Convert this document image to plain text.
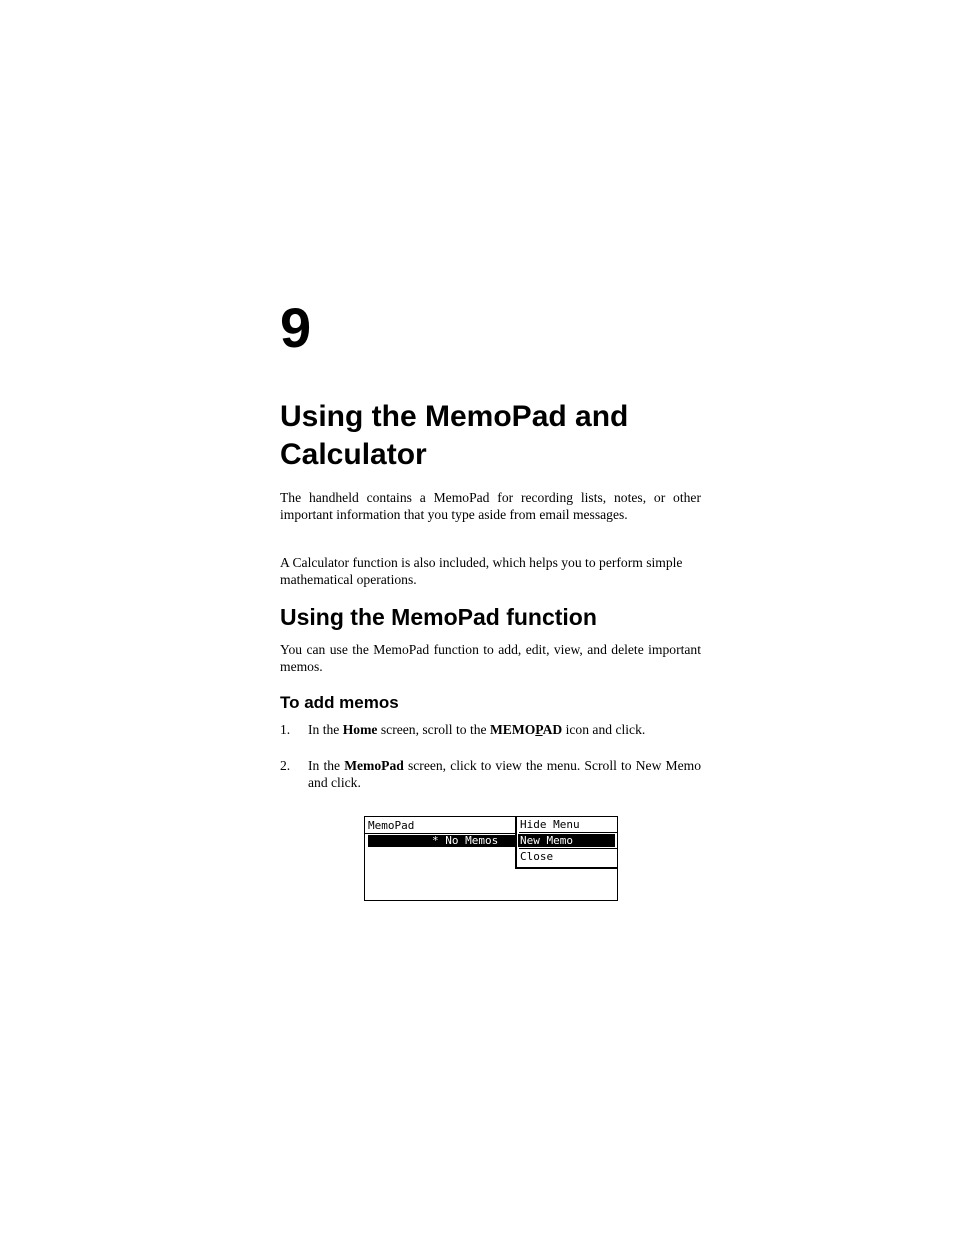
9
Using the MemoPad and
Calculator

The handheld contains a MemoPad for recording lists, notes, or other important information that you type aside from email messages.

A Calculator function is also included, which helps you to perform simple mathematical operations.

Using the MemoPad function

You can use the MemoPad function to add, edit, view, and delete important memos.

To add memos
1. In the Home screen, scroll to the MEMOPAD icon and click.
2. In the MemoPad screen, click to view the menu. Scroll to New Memo and click.
MemoPad
* No Memos
Hide Menu
New Memo
Close
